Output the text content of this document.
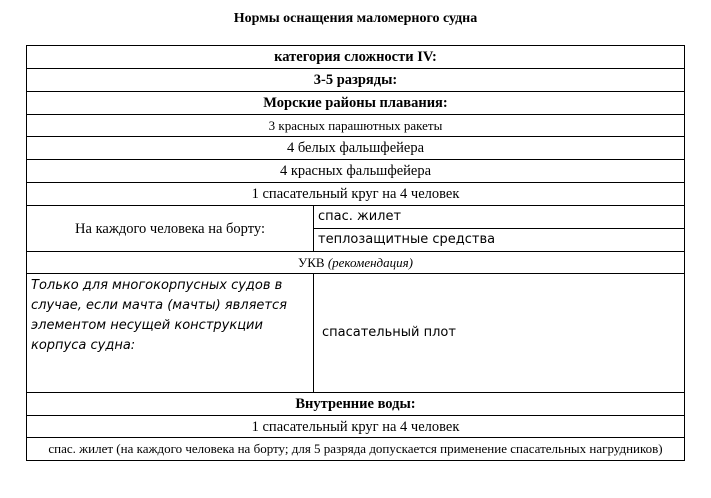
Нормы оснащения маломерного судна
категория сложности IV:	
3-5 разряды:	
Морские районы плавания:	
3 красных парашютных ракеты	
4 белых фальшфейера	
4 красных фальшфейера	
1 спасательный круг на 4 человек	
На каждого человека на борту:	спас. жилет
	теплозащитные средства
УКВ (рекомендация)	
Только для многокорпусных судов в случае, если мачта (мачты) является элементом несущей конструкции корпуса судна:	спасательный плот
Внутренние воды:	
1 спасательный круг на 4 человек	
спас. жилет (на каждого человека на борту; для 5 разряда допускается применение спасательных нагрудников)	
